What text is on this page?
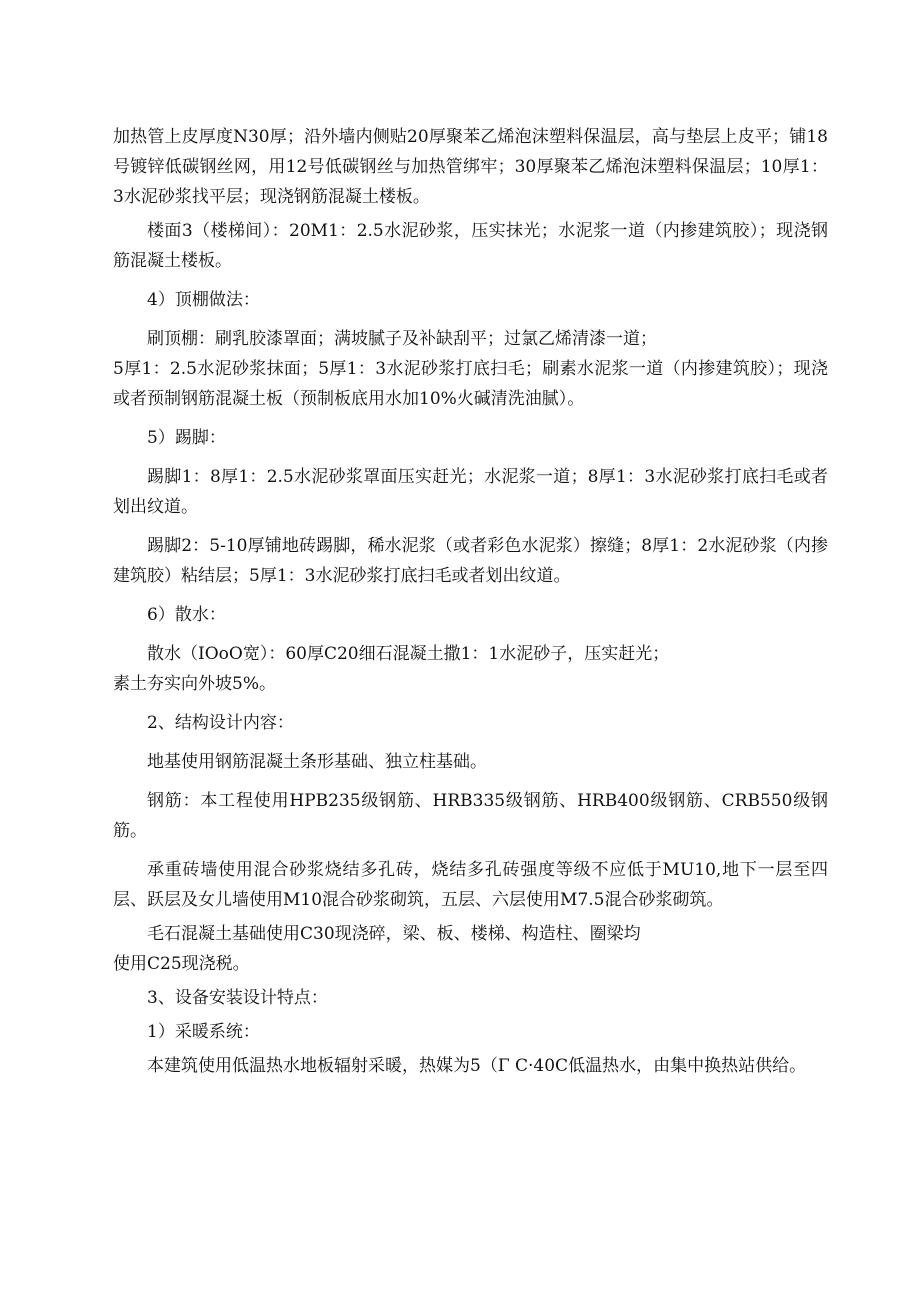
加热管上皮厚度N30厚；沿外墙内侧贴20厚聚苯乙烯泡沫塑料保温层，高与垫层上皮平；铺18号镀锌低碳钢丝网，用12号低碳钢丝与加热管绑牢；30厚聚苯乙烯泡沫塑料保温层；10厚1：3水泥砂浆找平层；现浇钢筋混凝土楼板。

楼面3（楼梯间）：20M1：2.5水泥砂浆，压实抹光；水泥浆一道（内掺建筑胶）；现浇钢筋混凝土楼板。

4）顶棚做法：

刷顶棚：刷乳胶漆罩面；满坡腻子及补缺刮平；过氯乙烯清漆一道；
5厚1：2.5水泥砂浆抹面；5厚1：3水泥砂浆打底扫毛；刷素水泥浆一道（内掺建筑胶）；现浇或者预制钢筋混凝土板（预制板底用水加10%火碱清洗油腻）。

5）踢脚：

踢脚1：8厚1：2.5水泥砂浆罩面压实赶光；水泥浆一道；8厚1：3水泥砂浆打底扫毛或者划出纹道。

踢脚2：5-10厚铺地砖踢脚，稀水泥浆（或者彩色水泥浆）擦缝；8厚1：2水泥砂浆（内掺建筑胶）粘结层；5厚1：3水泥砂浆打底扫毛或者划出纹道。

6）散水：

散水（IOoO宽）：60厚C20细石混凝土撒1：1水泥砂子，压实赶光；
素土夯实向外坡5%。

2、结构设计内容：

地基使用钢筋混凝土条形基础、独立柱基础。

钢筋：本工程使用HPB235级钢筋、HRB335级钢筋、HRB400级钢筋、CRB550级钢筋。

承重砖墙使用混合砂浆烧结多孔砖，烧结多孔砖强度等级不应低于MU10,地下一层至四层、跃层及女儿墙使用M10混合砂浆砌筑，五层、六层使用M7.5混合砂浆砌筑。

毛石混凝土基础使用C30现浇碎，梁、板、楼梯、构造柱、圈梁均
使用C25现浇税。

3、设备安装设计特点：

1）采暖系统：

本建筑使用低温热水地板辐射采暖，热媒为5（Γ C·40C低温热水，由集中换热站供给。
